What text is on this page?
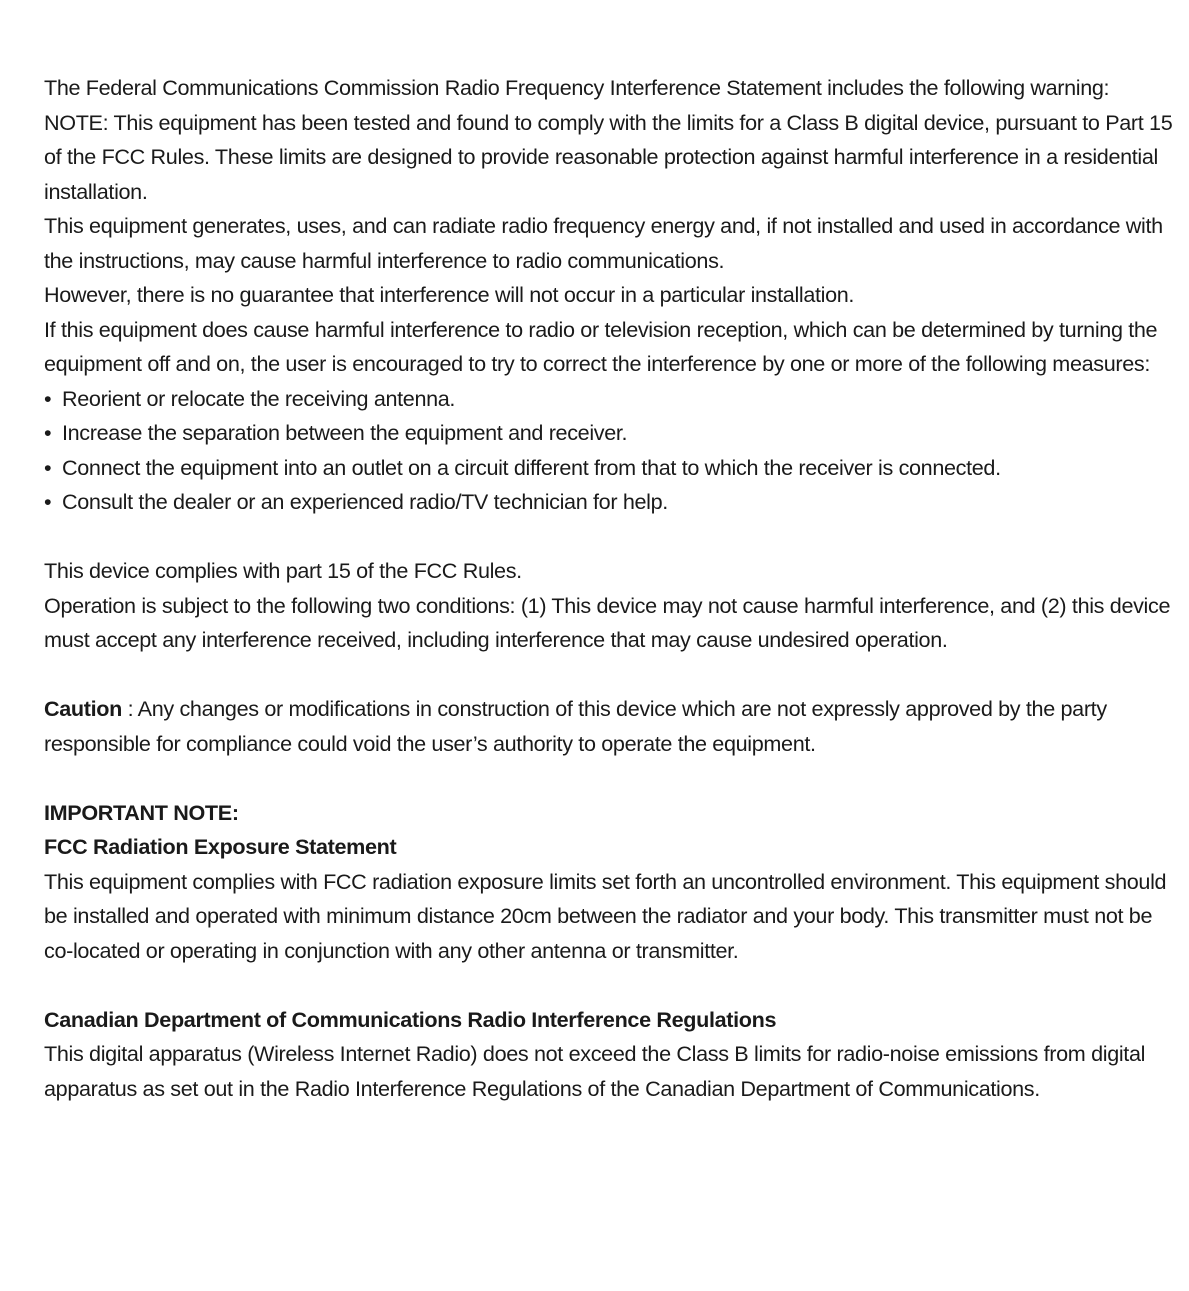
The Federal Communications Commission Radio Frequency Interference Statement includes the following warning:

NOTE: This equipment has been tested and found to comply with the limits for a Class B digital device, pursuant to Part 15 of the FCC Rules. These limits are designed to provide reasonable protection against harmful interference in a residential installation.

This equipment generates, uses, and can radiate radio frequency energy and, if not installed and used in accordance with the instructions, may cause harmful interference to radio communications.

However, there is no guarantee that interference will not occur in a particular installation.

If this equipment does cause harmful interference to radio or television reception, which can be determined by turning the equipment off and on, the user is encouraged to try to correct the interference by one or more of the following measures:

• Reorient or relocate the receiving antenna.
• Increase the separation between the equipment and receiver.
• Connect the equipment into an outlet on a circuit different from that to which the receiver is connected.
• Consult the dealer or an experienced radio/TV technician for help.

This device complies with part 15 of the FCC Rules.

Operation is subject to the following two conditions: (1) This device may not cause harmful interference, and (2) this device must accept any interference received, including interference that may cause undesired operation.

Caution : Any changes or modifications in construction of this device which are not expressly approved by the party responsible for compliance could void the user’s authority to operate the equipment.

IMPORTANT NOTE:

FCC Radiation Exposure Statement

This equipment complies with FCC radiation exposure limits set forth an uncontrolled environment. This equipment should be installed and operated with minimum distance 20cm between the radiator and your body. This transmitter must not be co-located or operating in conjunction with any other antenna or transmitter.

Canadian Department of Communications Radio Interference Regulations

This digital apparatus (Wireless Internet Radio) does not exceed the Class B limits for radio-noise emissions from digital apparatus as set out in the Radio Interference Regulations of the Canadian Department of Communications.
